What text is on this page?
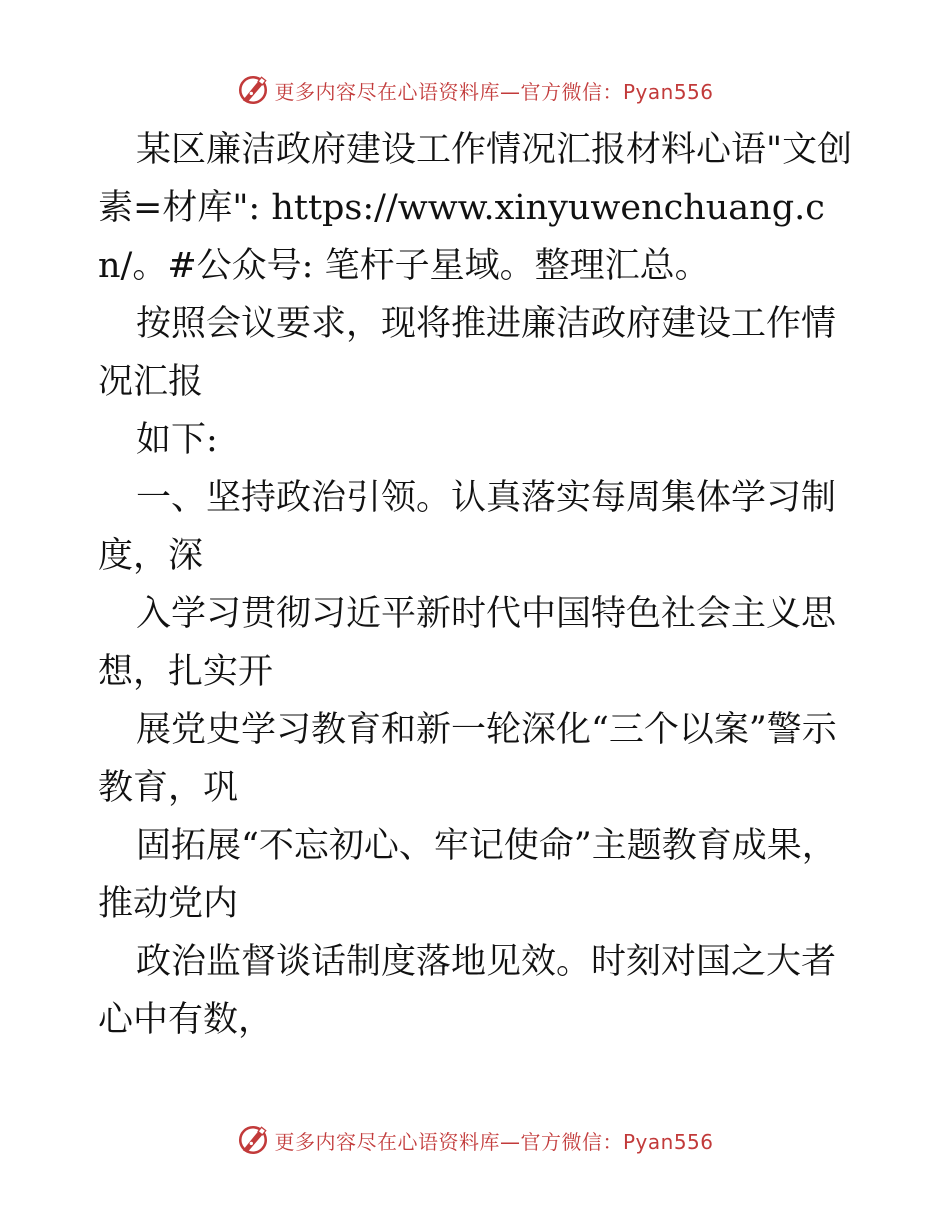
更多内容尽在心语资料库—官方微信：Pyan556

某区廉洁政府建设工作情况汇报材料心语"文创素=材库": https://www.xinyuwenchuang.cn/。#公众号: 笔杆子星域。整理汇总。

按照会议要求，现将推进廉洁政府建设工作情况汇报

如下:

一、坚持政治引领。认真落实每周集体学习制度，深

入学习贯彻习近平新时代中国特色社会主义思想，扎实开

展党史学习教育和新一轮深化“三个以案”警示教育，巩

固拓展“不忘初心、牢记使命”主题教育成果，推动党内

政治监督谈话制度落地见效。时刻对国之大者心中有数，

更多内容尽在心语资料库—官方微信：Pyan556
